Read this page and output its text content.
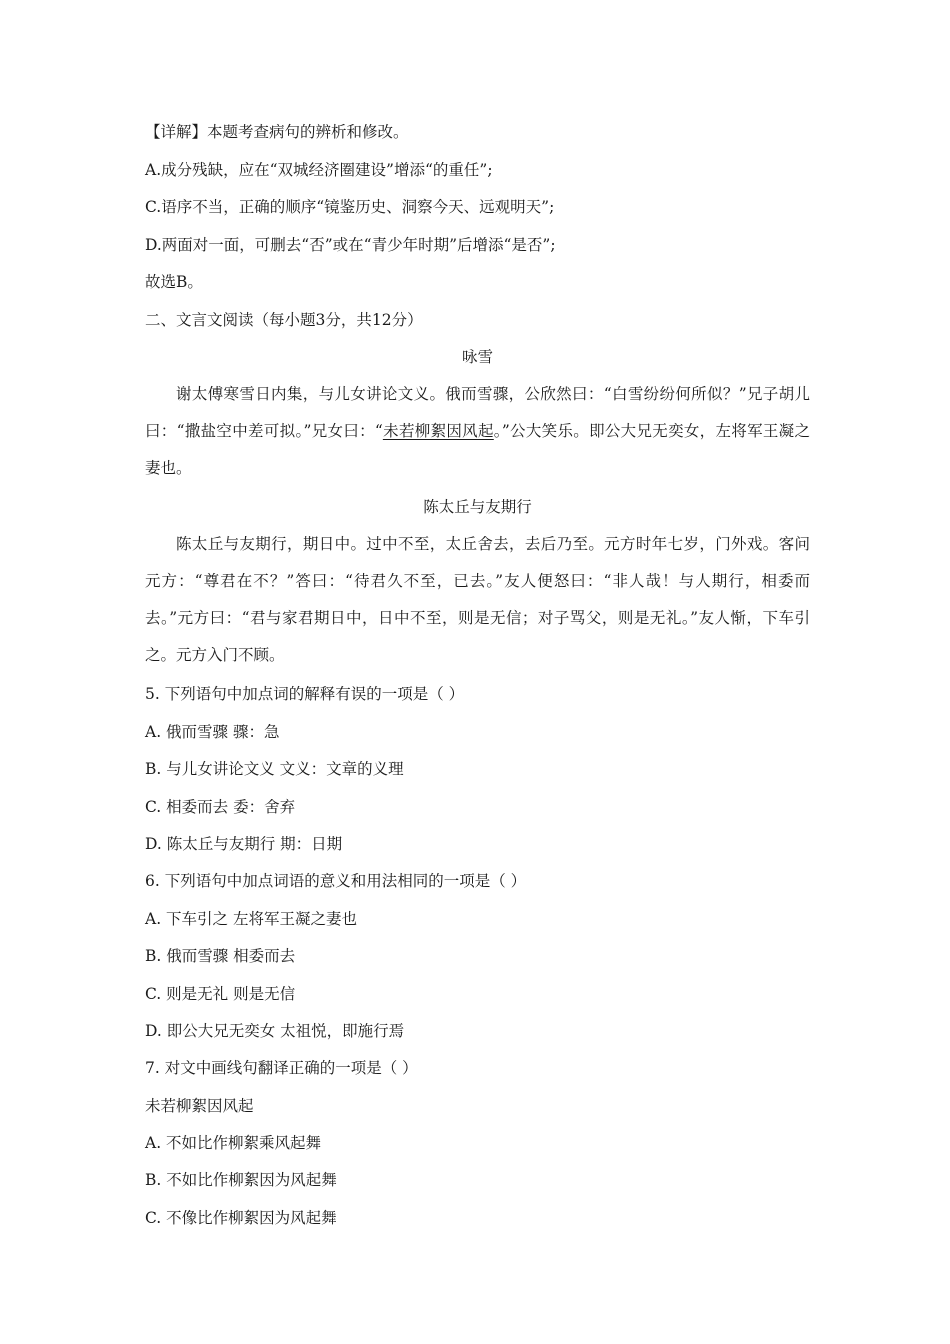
【详解】本题考查病句的辨析和修改。
A.成分残缺，应在“双城经济圈建设”增添“的重任”;
C.语序不当，正确的顺序“镜鉴历史、洞察今天、远观明天”;
D.两面对一面，可删去“否”或在“青少年时期”后增添“是否”;
故选B。
二、文言文阅读（每小题3分，共12分）
咏雪
谢太傅寒雪日内集，与儿女讲论文义。俄而雪骤，公欣然曰：“白雪纷纷何所似？”兄子胡儿曰：“撒盐空中差可拟。”兄女曰：“未若柳絮因风起。”公大笑乐。即公大兄无奕女，左将军王凝之妻也。
陈太丘与友期行
陈太丘与友期行，期日中。过中不至，太丘舍去，去后乃至。元方时年七岁，门外戏。客问元方：“尊君在不？”答曰：“待君久不至，已去。”友人便怒曰：“非人哉！与人期行，相委而去。”元方曰：“君与家君期日中，日中不至，则是无信；对子骂父，则是无礼。”友人惭，下车引之。元方入门不顾。
5. 下列语句中加点词的解释有误的一项是（ ）
A. 俄而雪骤 骤：急
B. 与儿女讲论文义 文义：文章的义理
C. 相委而去 委：舍弃
D. 陈太丘与友期行 期：日期
6. 下列语句中加点词语的意义和用法相同的一项是（ ）
A. 下车引之 左将军王凝之妻也
B. 俄而雪骤 相委而去
C. 则是无礼 则是无信
D. 即公大兄无奕女 太祖悦，即施行焉
7. 对文中画线句翻译正确的一项是（ ）
未若柳絮因风起
A. 不如比作柳絮乘风起舞
B. 不如比作柳絮因为风起舞
C. 不像比作柳絮因为风起舞
